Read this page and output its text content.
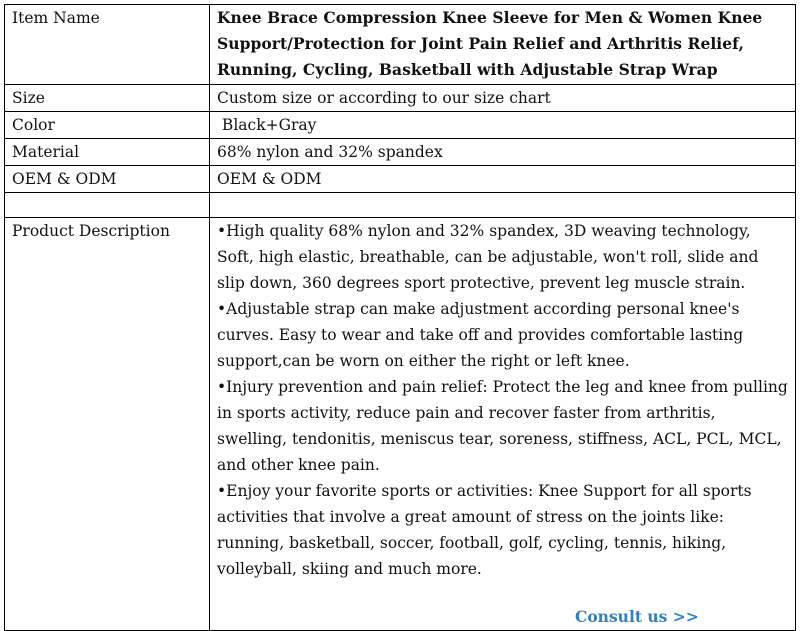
Item Name	Knee Brace Compression Knee Sleeve for Men & Women Knee Support/Protection for Joint Pain Relief and Arthritis Relief, Running, Cycling, Basketball with Adjustable Strap Wrap

Size	Custom size or according to our size chart
Color	Black+Gray
Material	68% nylon and 32% spandex
OEM & ODM	OEM & ODM

Product Description	•High quality 68% nylon and 32% spandex, 3D weaving technology, Soft, high elastic, breathable, can be adjustable, won't roll, slide and slip down, 360 degrees sport protective, prevent leg muscle strain.

•Adjustable strap can make adjustment according personal knee's curves. Easy to wear and take off and provides comfortable lasting support,can be worn on either the right or left knee.

•Injury prevention and pain relief: Protect the leg and knee from pulling in sports activity, reduce pain and recover faster from arthritis, swelling, tendonitis, meniscus tear, soreness, stiffness, ACL, PCL, MCL, and other knee pain.

•Enjoy your favorite sports or activities: Knee Support for all sports activities that involve a great amount of stress on the joints like: running, basketball, soccer, football, golf, cycling, tennis, hiking, volleyball, skiing and much more.

Consult us >>
